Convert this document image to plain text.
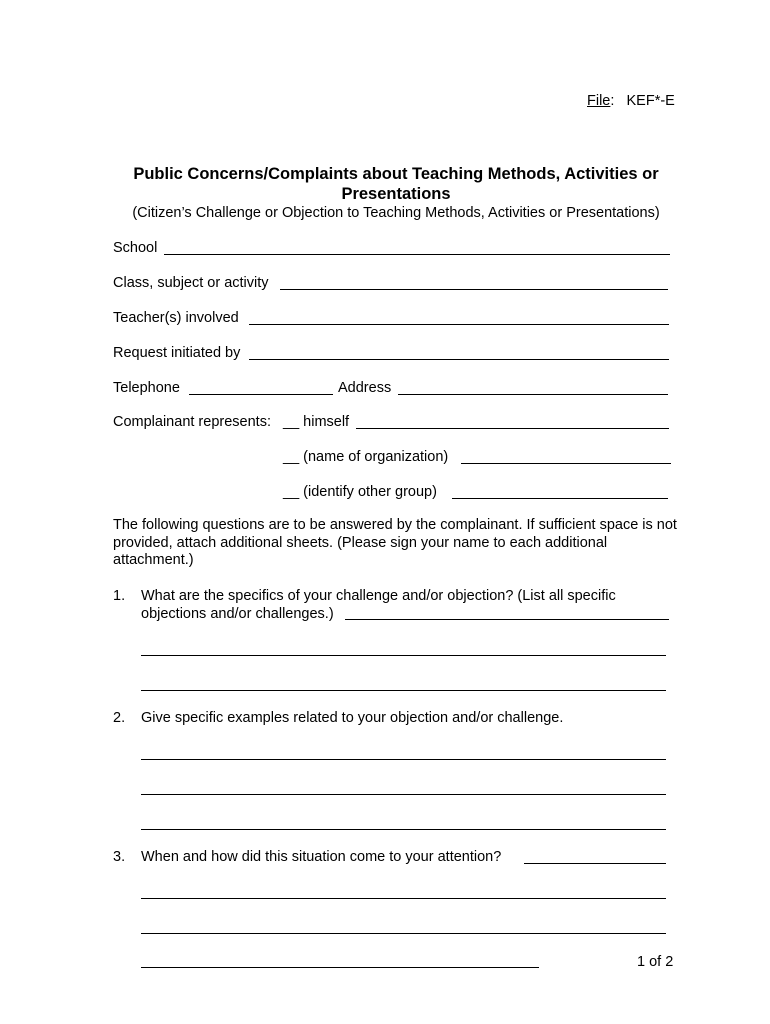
File:   KEF*-E
Public Concerns/Complaints about Teaching Methods, Activities or
Presentations
(Citizen’s Challenge or Objection to Teaching Methods, Activities or Presentations)
School
Class, subject or activity
Teacher(s) involved
Request initiated by
Telephone	Address
Complainant represents: __ himself
__ (name of organization)
__ (identify other group)
The following questions are to be answered by the complainant. If sufficient space is not provided, attach additional sheets. (Please sign your name to each additional attachment.)
1. What are the specifics of your challenge and/or objection? (List all specific
objections and/or challenges.)
2. Give specific examples related to your objection and/or challenge.
3. When and how did this situation come to your attention?
1 of 2
